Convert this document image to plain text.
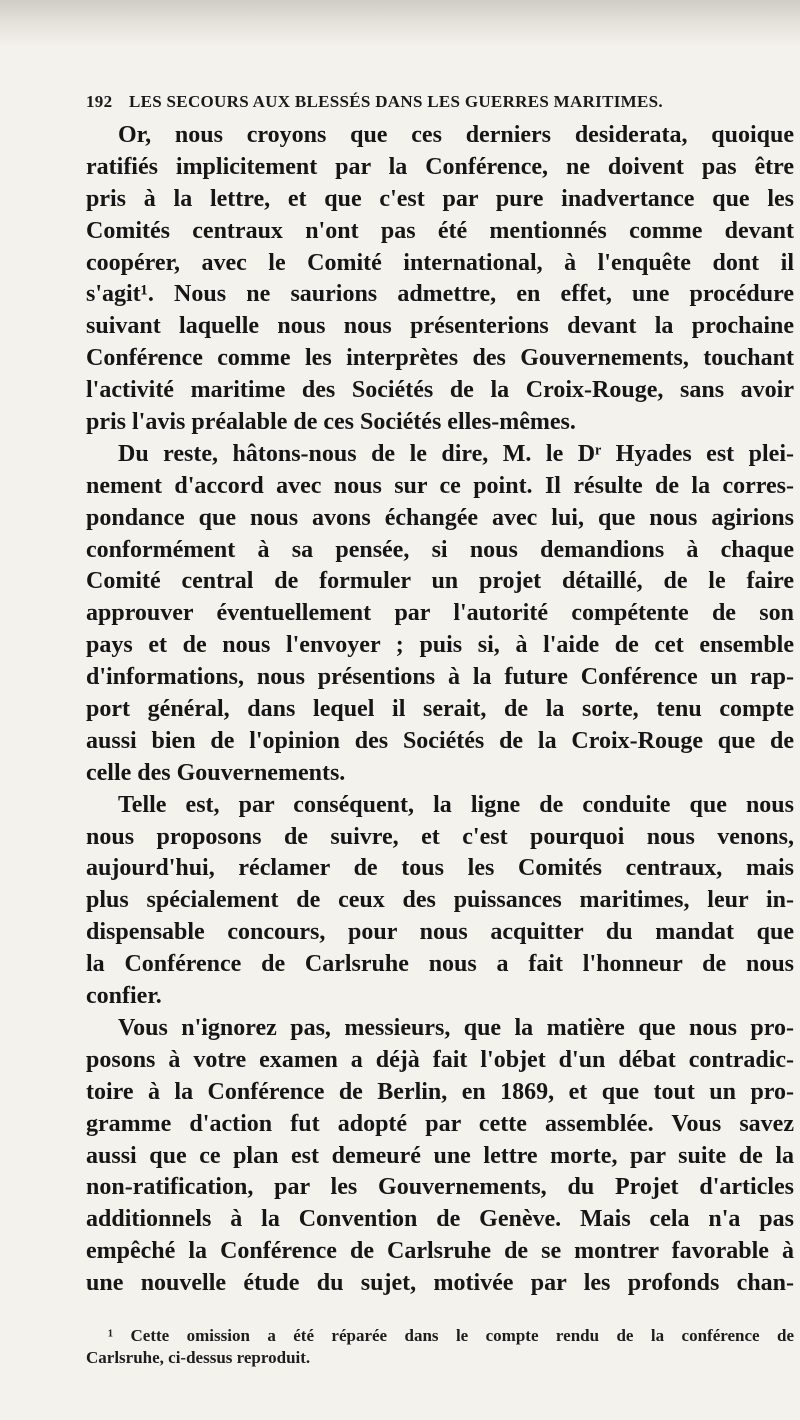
192 LES SECOURS AUX BLESSÉS DANS LES GUERRES MARITIMES.
Or, nous croyons que ces derniers desiderata, quoique
ratifiés implicitement par la Conférence, ne doivent pas être
pris à la lettre, et que c'est par pure inadvertance que les
Comités centraux n'ont pas été mentionnés comme devant
coopérer, avec le Comité international, à l'enquête dont il
s'agit¹. Nous ne saurions admettre, en effet, une procédure
suivant laquelle nous nous présenterions devant la prochaine
Conférence comme les interprètes des Gouvernements, touchant
l'activité maritime des Sociétés de la Croix-Rouge, sans avoir
pris l'avis préalable de ces Sociétés elles-mêmes.
Du reste, hâtons-nous de le dire, M. le Dʳ Hyades est plei-
nement d'accord avec nous sur ce point. Il résulte de la corres-
pondance que nous avons échangée avec lui, que nous agirions
conformément à sa pensée, si nous demandions à chaque
Comité central de formuler un projet détaillé, de le faire
approuver éventuellement par l'autorité compétente de son
pays et de nous l'envoyer ; puis si, à l'aide de cet ensemble
d'informations, nous présentions à la future Conférence un rap-
port général, dans lequel il serait, de la sorte, tenu compte
aussi bien de l'opinion des Sociétés de la Croix-Rouge que de
celle des Gouvernements.
Telle est, par conséquent, la ligne de conduite que nous
nous proposons de suivre, et c'est pourquoi nous venons,
aujourd'hui, réclamer de tous les Comités centraux, mais
plus spécialement de ceux des puissances maritimes, leur in-
dispensable concours, pour nous acquitter du mandat que
la Conférence de Carlsruhe nous a fait l'honneur de nous
confier.
Vous n'ignorez pas, messieurs, que la matière que nous pro-
posons à votre examen a déjà fait l'objet d'un débat contradic-
toire à la Conférence de Berlin, en 1869, et que tout un pro-
gramme d'action fut adopté par cette assemblée. Vous savez
aussi que ce plan est demeuré une lettre morte, par suite de la
non-ratification, par les Gouvernements, du Projet d'articles
additionnels à la Convention de Genève. Mais cela n'a pas
empêché la Conférence de Carlsruhe de se montrer favorable à
une nouvelle étude du sujet, motivée par les profonds chan-
¹ Cette omission a été réparée dans le compte rendu de la conférence de
Carlsruhe, ci-dessus reproduit.
